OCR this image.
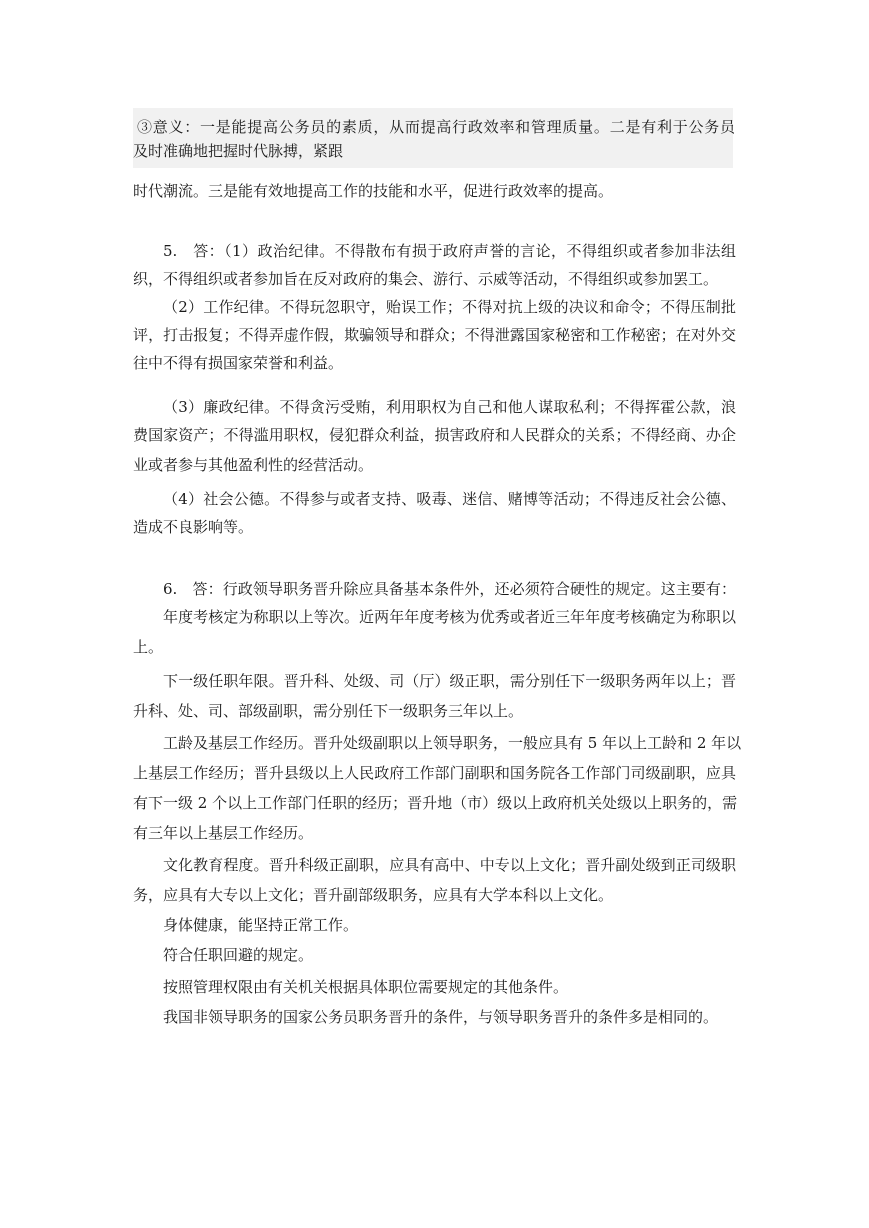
③意义：一是能提高公务员的素质，从而提高行政效率和管理质量。二是有利于公务员
及时准确地把握时代脉搏，紧跟
时代潮流。三是能有效地提高工作的技能和水平，促进行政效率的提高。
5.　答：（1）政治纪律。不得散布有损于政府声誉的言论，不得组织或者参加非法组
织，不得组织或者参加旨在反对政府的集会、游行、示威等活动，不得组织或参加罢工。
（2）工作纪律。不得玩忽职守，贻误工作；不得对抗上级的决议和命令；不得压制批
评，打击报复；不得弄虚作假，欺骗领导和群众；不得泄露国家秘密和工作秘密；在对外交
往中不得有损国家荣誉和利益。
（3）廉政纪律。不得贪污受贿，利用职权为自己和他人谋取私利；不得挥霍公款，浪
费国家资产；不得滥用职权，侵犯群众利益，损害政府和人民群众的关系；不得经商、办企
业或者参与其他盈利性的经营活动。
（4）社会公德。不得参与或者支持、吸毒、迷信、赌博等活动；不得违反社会公德、
造成不良影响等。
6.　答：行政领导职务晋升除应具备基本条件外，还必须符合硬性的规定。这主要有：
年度考核定为称职以上等次。近两年年度考核为优秀或者近三年年度考核确定为称职以
上。
下一级任职年限。晋升科、处级、司（厅）级正职，需分别任下一级职务两年以上；晋
升科、处、司、部级副职，需分别任下一级职务三年以上。
工龄及基层工作经历。晋升处级副职以上领导职务，一般应具有 5 年以上工龄和 2 年以
上基层工作经历；晋升县级以上人民政府工作部门副职和国务院各工作部门司级副职，应具
有下一级 2 个以上工作部门任职的经历；晋升地（市）级以上政府机关处级以上职务的，需
有三年以上基层工作经历。
文化教育程度。晋升科级正副职，应具有高中、中专以上文化；晋升副处级到正司级职
务，应具有大专以上文化；晋升副部级职务，应具有大学本科以上文化。
身体健康，能坚持正常工作。
符合任职回避的规定。
按照管理权限由有关机关根据具体职位需要规定的其他条件。
我国非领导职务的国家公务员职务晋升的条件，与领导职务晋升的条件多是相同的。
